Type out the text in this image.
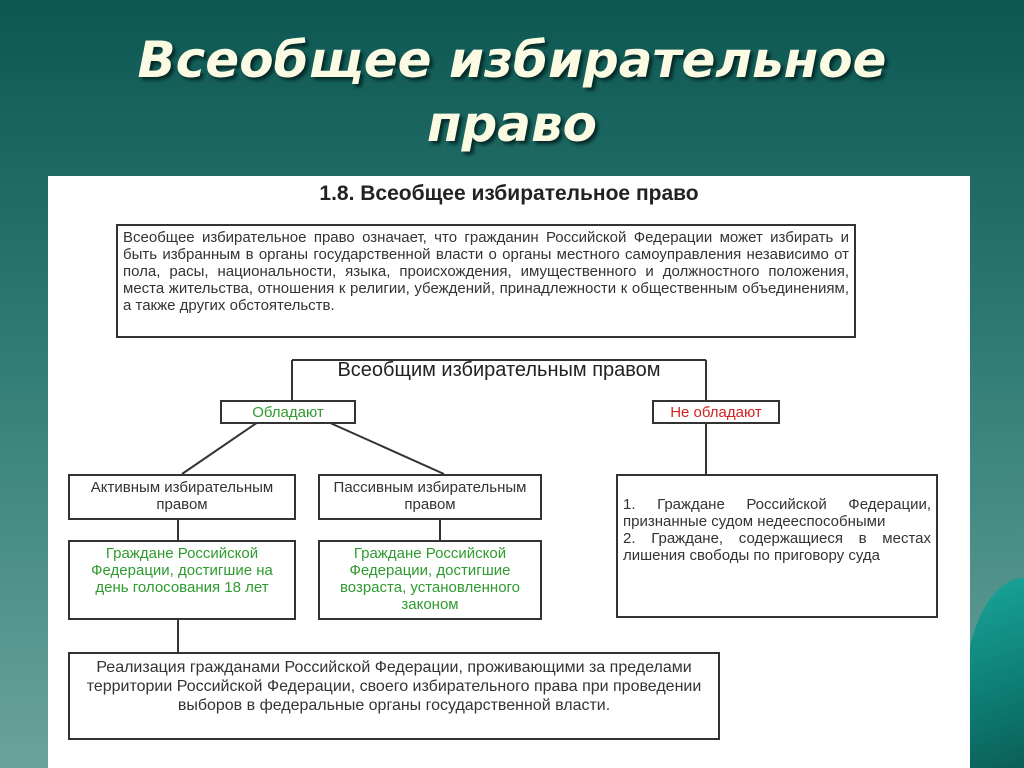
Всеобщее избирательное
право
1.8. Всеобщее избирательное право
Всеобщее избирательное право означает, что гражданин Российской Федерации может избирать и быть избранным в органы государственной власти о органы местного самоуправления независимо от пола, расы, национальности, языка, происхождения, имущественного и должностного положения, места жительства, отношения к религии, убеждений, принадлежности к общественным объединениям, а также других обстоятельств.
Всеобщим избирательным правом
Обладают	Не обладают
Активным избирательным правом
Пассивным избирательным правом
Граждане Российской Федерации, достигшие на день голосования 18 лет
Граждане Российской Федерации, достигшие возраста, установленного законом

1. Граждане Российской Федерации, признанные судом недееспособными
2. Граждане, содержащиеся в местах лишения свободы по приговору суда

Реализация гражданами Российской Федерации, проживающими за пределами территории Российской Федерации, своего избирательного права при проведении выборов в федеральные органы государственной власти.
